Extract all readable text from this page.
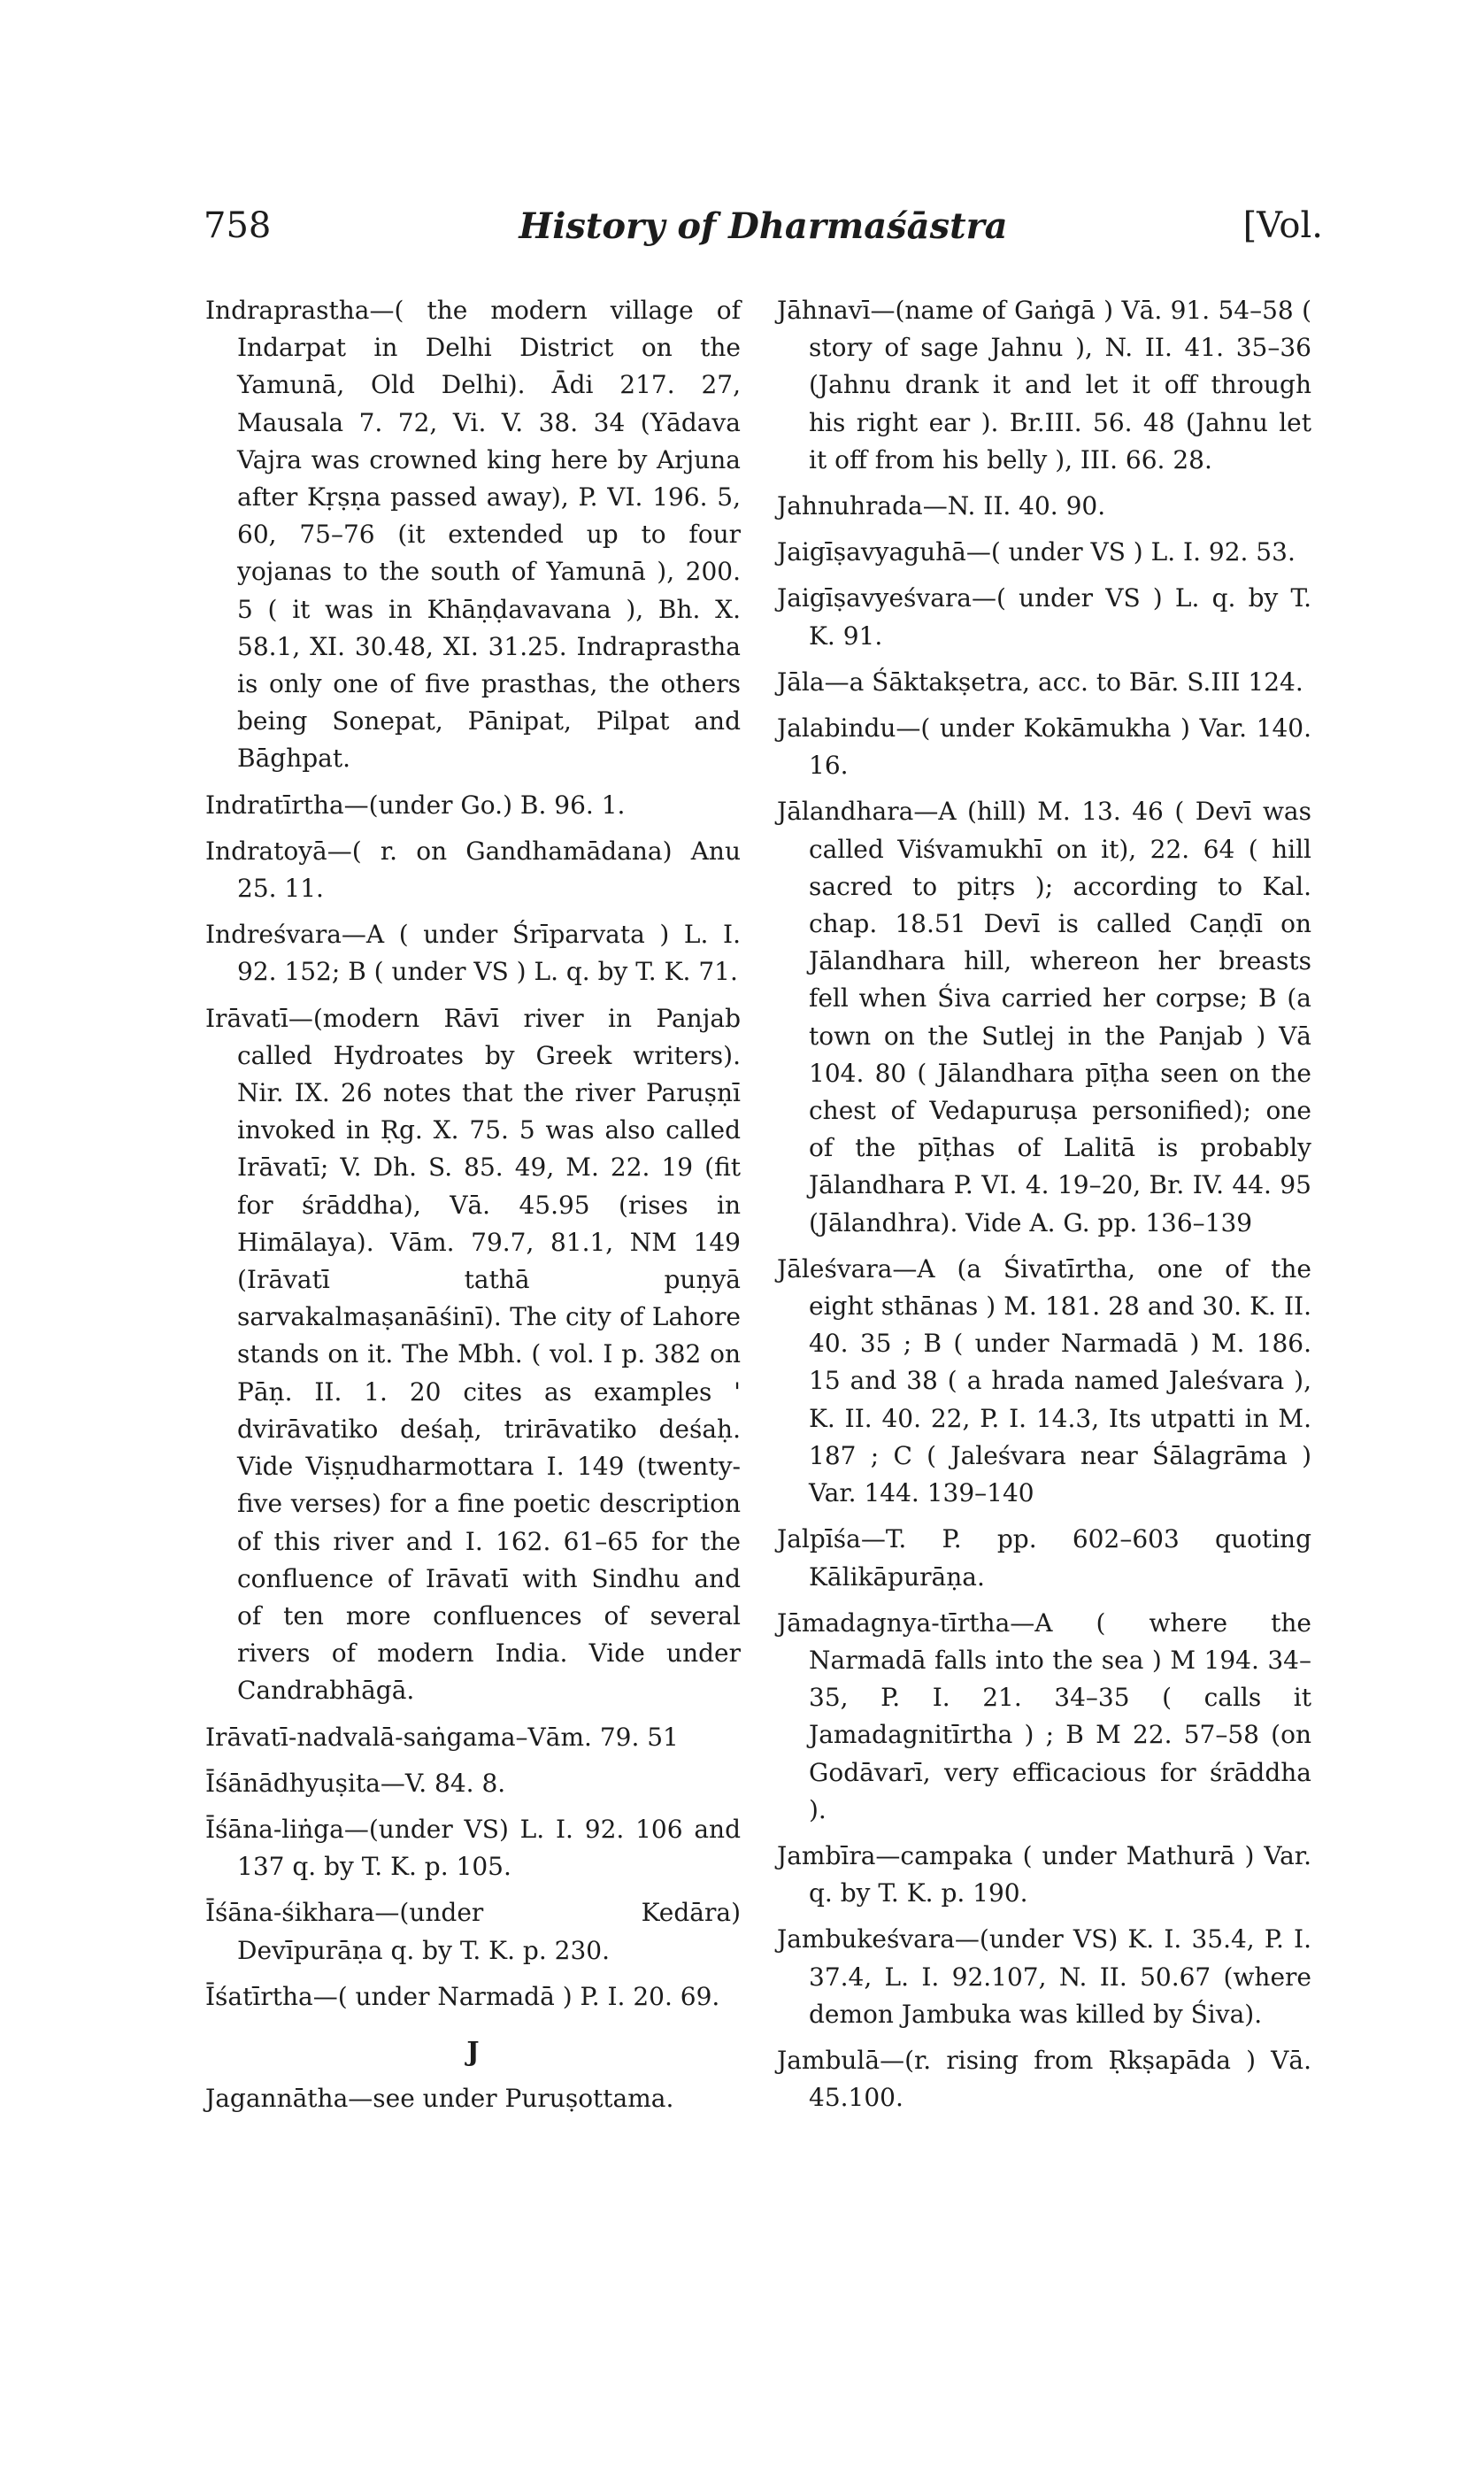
758	History of Dharmaśāstra	[Vol.

Indraprastha—( the modern village of Indarpat in Delhi District on the Yamunā, Old Delhi). Ādi 217. 27, Mausala 7. 72, Vi. V. 38. 34 (Yādava Vajra was crowned king here by Arjuna after Kṛṣṇa passed away), P. VI. 196. 5, 60, 75–76 (it extended up to four yojanas to the south of Yamunā ), 200. 5 ( it was in Khāṇḍavavana ), Bh. X. 58.1, XI. 30.48, XI. 31.25. Indraprastha is only one of five prasthas, the others being Sonepat, Pānipat, Pilpat and Bāghpat.

Indratīrtha—(under Go.) B. 96. 1.

Indratoyā—( r. on Gandhamādana) Anu 25. 11.

Indreśvara—A ( under Śrīparvata ) L. I. 92. 152; B ( under VS ) L. q. by T. K. 71.

Irāvatī—(modern Rāvī river in Panjab called Hydroates by Greek writers). Nir. IX. 26 notes that the river Paruṣṇī invoked in Ṛg. X. 75. 5 was also called Irāvatī; V. Dh. S. 85. 49, M. 22. 19 (fit for śrāddha), Vā. 45.95 (rises in Himālaya). Vām. 79.7, 81.1, NM 149 (Irāvatī tathā puṇyā sarvakalmaṣanāśinī). The city of Lahore stands on it. The Mbh. ( vol. I p. 382 on Pāṇ. II. 1. 20 cites as examples ' dvirāvatiko deśaḥ, trirāvatiko deśaḥ. Vide Viṣṇudharmottara I. 149 (twenty-five verses) for a fine poetic description of this river and I. 162. 61–65 for the confluence of Irāvatī with Sindhu and of ten more confluences of several rivers of modern India. Vide under Candrabhāgā.

Irāvatī-nadvalā-saṅgama–Vām. 79. 51

Īśānādhyuṣita—V. 84. 8.

Īśāna-liṅga—(under VS) L. I. 92. 106 and 137 q. by T. K. p. 105.

Īśāna-śikhara—(under Kedāra) Devīpurāṇa q. by T. K. p. 230.

Īśatīrtha—( under Narmadā ) P. I. 20. 69.

J

Jagannātha—see under Puruṣottama.

Jāhnavī—(name of Gaṅgā ) Vā. 91. 54–58 ( story of sage Jahnu ), N. II. 41. 35–36 (Jahnu drank it and let it off through his right ear ). Br.III. 56. 48 (Jahnu let it off from his belly ), III. 66. 28.

Jahnuhrada—N. II. 40. 90.

Jaigīṣavyaguhā—( under VS ) L. I. 92. 53.

Jaigīṣavyeśvara—( under VS ) L. q. by T. K. 91.

Jāla—a Śāktakṣetra, acc. to Bār. S.III 124.

Jalabindu—( under Kokāmukha ) Var. 140. 16.

Jālandhara—A (hill) M. 13. 46 ( Devī was called Viśvamukhī on it), 22. 64 ( hill sacred to pitṛs ); according to Kal. chap. 18.51 Devī is called Caṇḍī on Jālandhara hill, whereon her breasts fell when Śiva carried her corpse; B (a town on the Sutlej in the Panjab ) Vā 104. 80 ( Jālandhara pīṭha seen on the chest of Vedapuruṣa personified); one of the pīṭhas of Lalitā is probably Jālandhara P. VI. 4. 19–20, Br. IV. 44. 95 (Jālandhra). Vide A. G. pp. 136–139

Jāleśvara—A (a Śivatīrtha, one of the eight sthānas ) M. 181. 28 and 30. K. II. 40. 35 ; B ( under Narmadā ) M. 186. 15 and 38 ( a hrada named Jaleśvara ), K. II. 40. 22, P. I. 14.3, Its utpatti in M. 187 ; C ( Jaleśvara near Śālagrāma ) Var. 144. 139–140

Jalpīśa—T. P. pp. 602–603 quoting Kālikāpurāṇa.

Jāmadagnya-tīrtha—A ( where the Narmadā falls into the sea ) M 194. 34–35, P. I. 21. 34–35 ( calls it Jamadagnitīrtha ) ; B M 22. 57–58 (on Godāvarī, very efficacious for śrāddha ).

Jambīra—campaka ( under Mathurā ) Var. q. by T. K. p. 190.

Jambukeśvara—(under VS) K. I. 35.4, P. I. 37.4, L. I. 92.107, N. II. 50.67 (where demon Jambuka was killed by Śiva).

Jambulā—(r. rising from Ṛkṣapāda ) Vā. 45.100.
